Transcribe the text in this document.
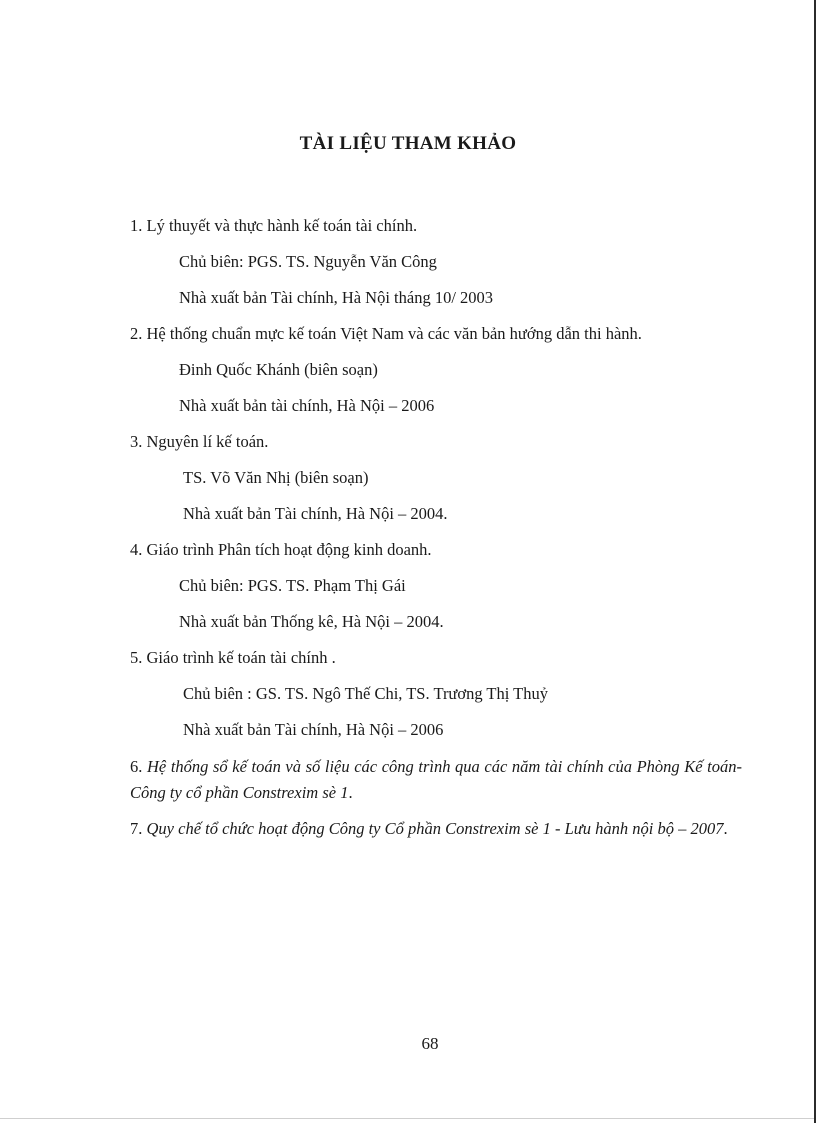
TÀI LIỆU THAM KHẢO
1. Lý thuyết và thực hành kế toán tài chính.
Chủ biên: PGS. TS. Nguyễn Văn Công
Nhà xuất bản Tài chính, Hà Nội tháng 10/ 2003
2. Hệ thống chuẩn mực kế toán Việt Nam và các văn bản hướng dẫn thi hành.
Đinh Quốc Khánh (biên soạn)
Nhà xuất bản tài chính, Hà Nội – 2006
3. Nguyên lí kế toán.
TS. Võ Văn Nhị (biên soạn)
Nhà xuất bản Tài chính, Hà Nội – 2004.
4. Giáo trình Phân tích hoạt động kinh doanh.
Chủ biên: PGS. TS. Phạm Thị Gái
Nhà xuất bản Thống kê, Hà Nội – 2004.
5. Giáo trình kế toán tài chính .
Chủ biên : GS. TS. Ngô Thế Chi, TS. Trương Thị Thuỷ
Nhà xuất bản Tài chính, Hà Nội – 2006
6. Hệ thống sổ kế toán và số liệu các công trình qua các năm tài chính của Phòng Kế toán- Công ty cổ phần Constrexim sè 1.
7. Quy chế tổ chức hoạt động Công ty Cổ phần Constrexim sè 1 - Lưu hành nội bộ – 2007.
68
